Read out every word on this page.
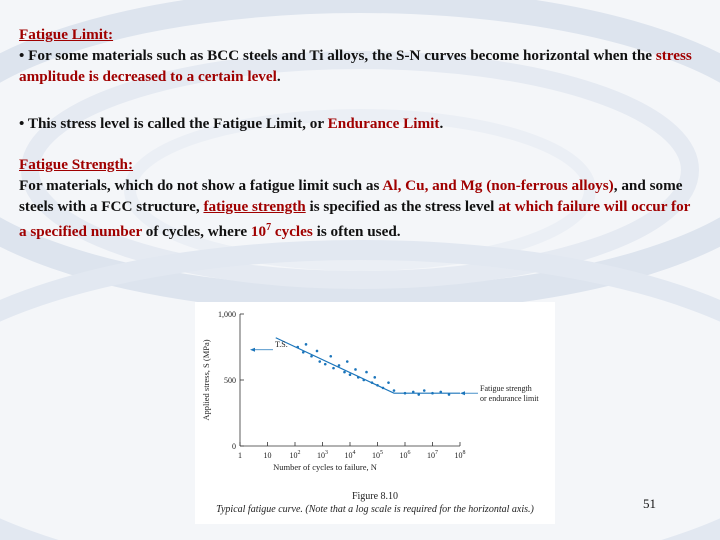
Fatigue Limit:

• For some materials such as BCC steels and Ti alloys, the S-N curves become horizontal when the stress amplitude is decreased to a certain level.

• This stress level is called the Fatigue Limit, or Endurance Limit.

Fatigue Strength:

For materials, which do not show a fatigue limit such as Al, Cu, and Mg (non-ferrous alloys), and some steels with a FCC structure, fatigue strength is specified as the stress level at which failure will occur for a specified number of cycles, where $10^7$ cycles is often used.

0
500
1,000
1	10 $10^2$ $10^3$ $10^4$ $10^5$ $10^6$ $10^7$ $10^8$
Number of cycles to failure, N
Applied stress, S (MPa)	T.S.
Fatigue strength
or endurance limit
Figure 8.10
Typical fatigue curve. (Note that a log scale is required for the horizontal axis.)	51
